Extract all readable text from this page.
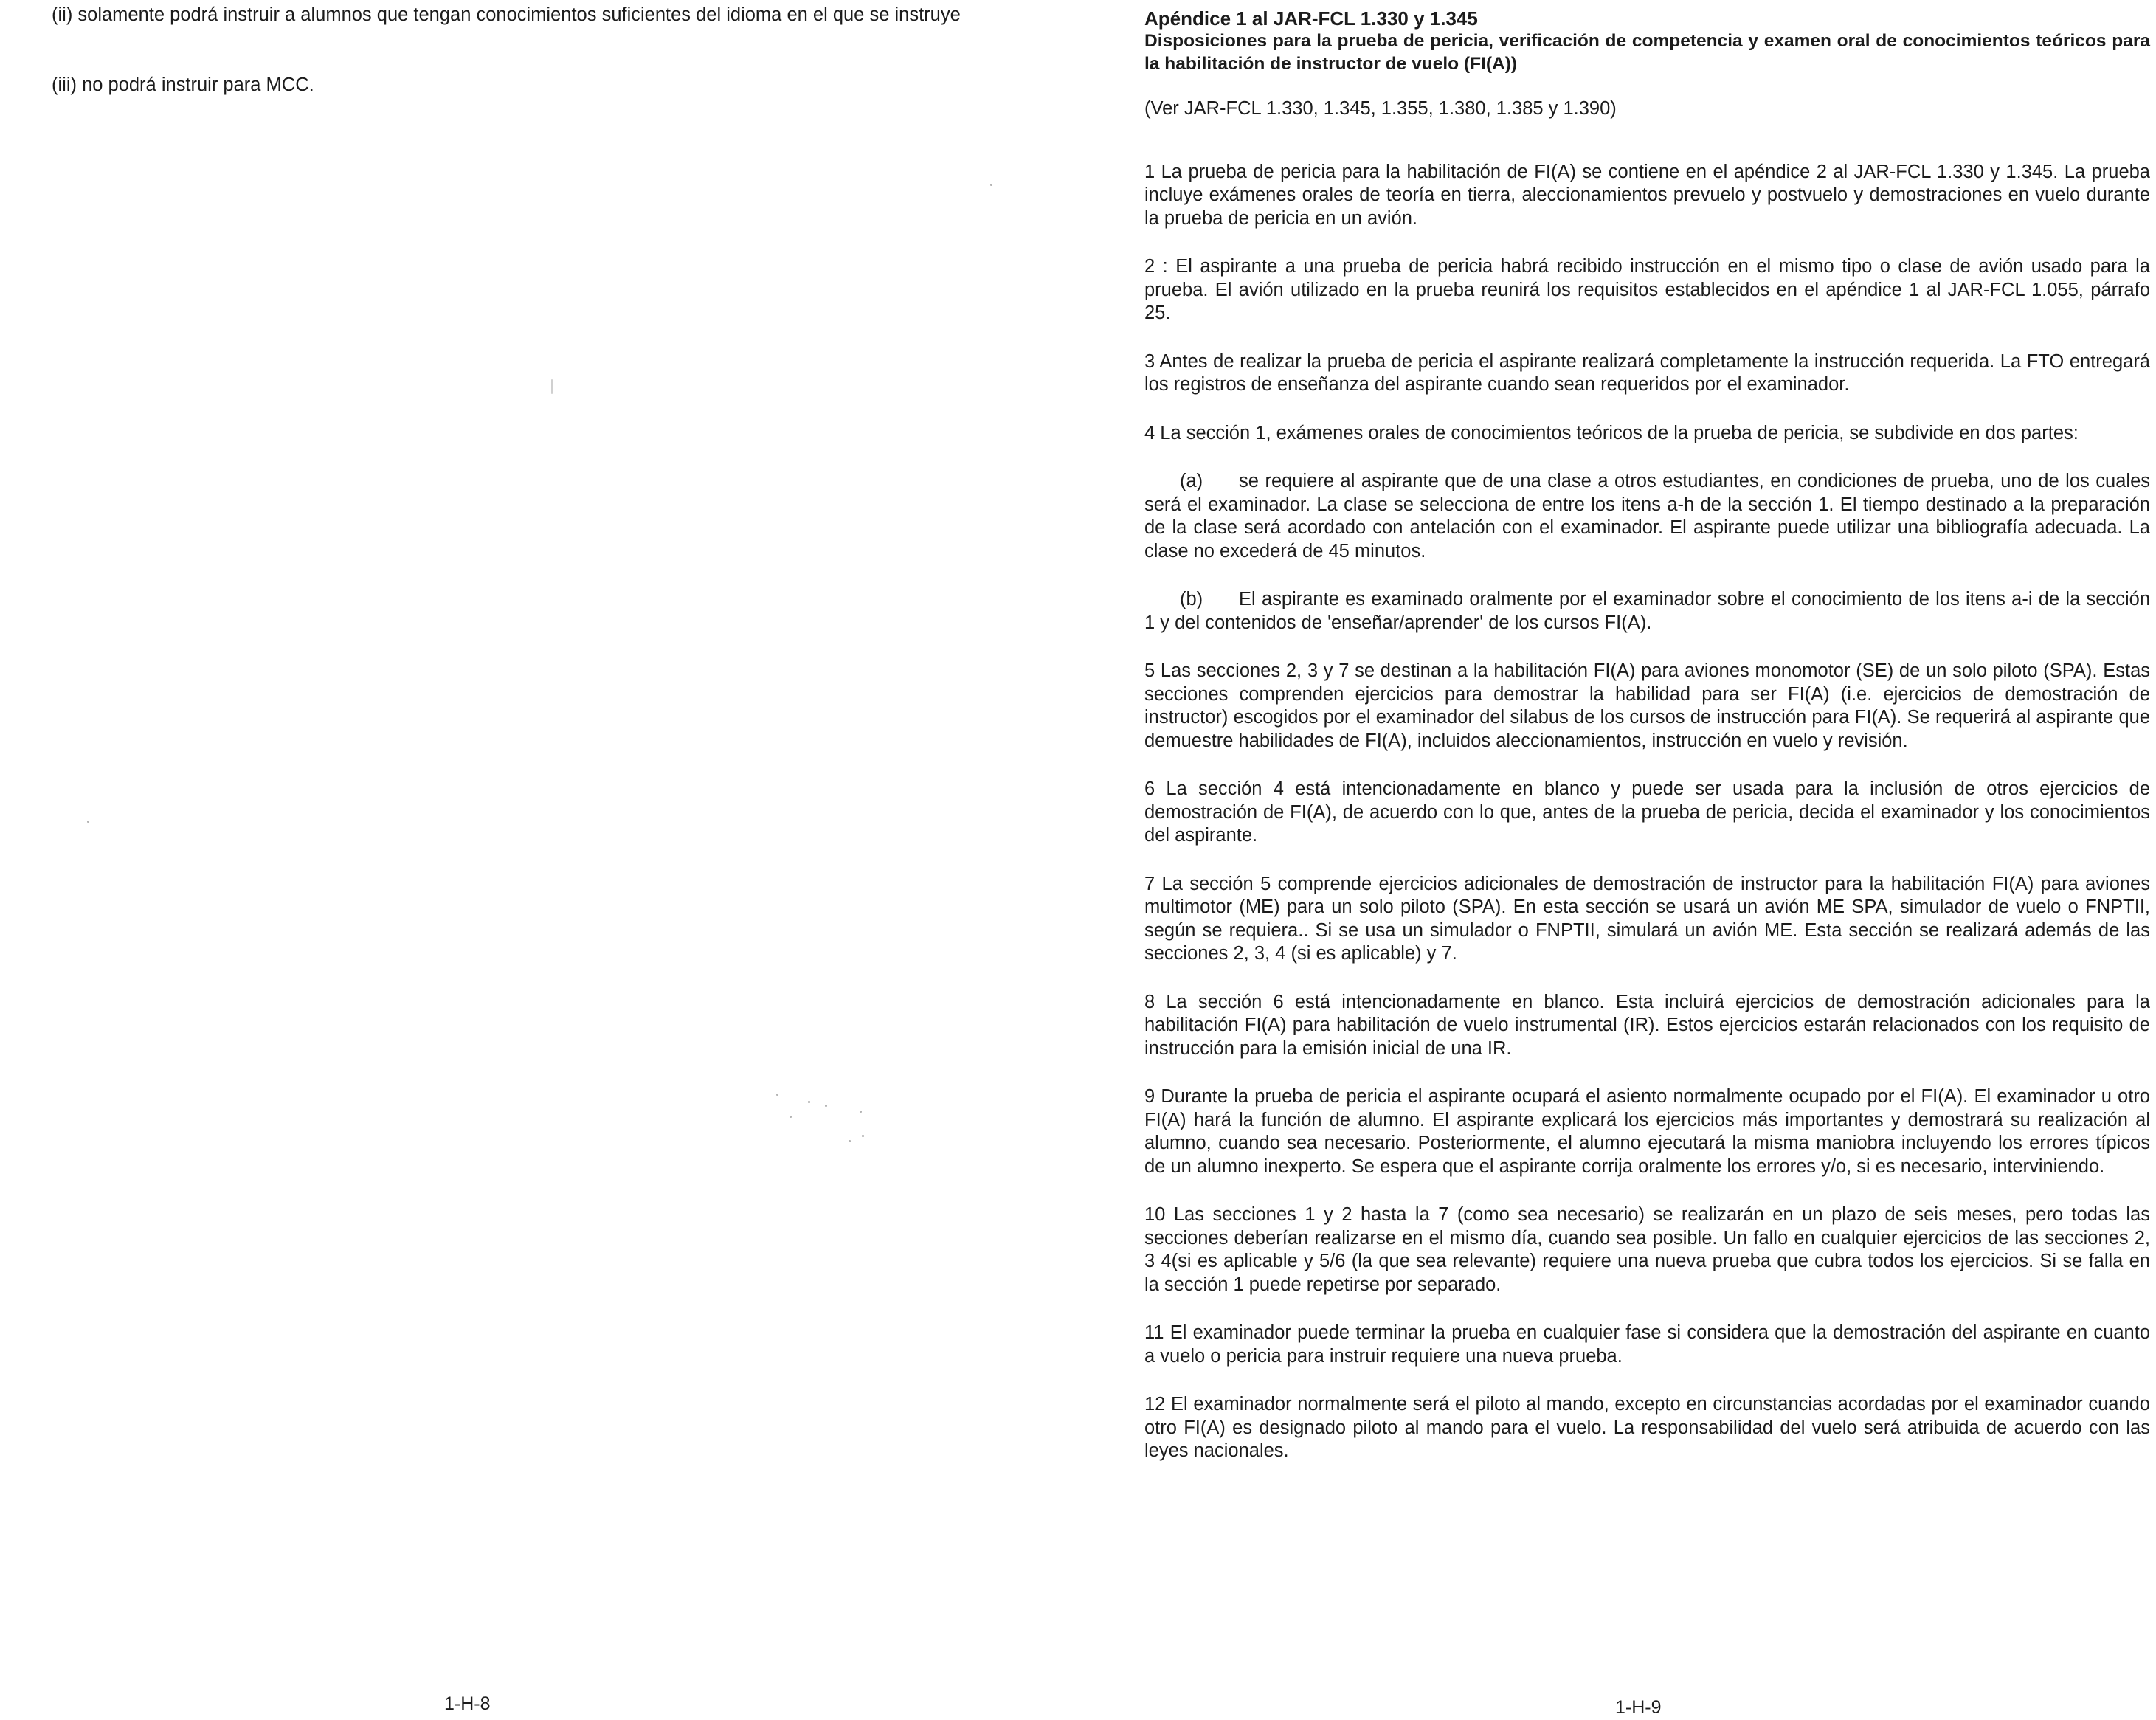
(ii) solamente podrá instruir a alumnos que tengan conocimientos suficientes del idioma en el que se instruye

(iii) no podrá instruir para MCC.

1-H-8

Apéndice 1 al JAR-FCL 1.330 y 1.345

Disposiciones para la prueba de pericia, verificación de competencia y examen oral de conocimientos teóricos para la habilitación de instructor de vuelo (FI(A))

(Ver JAR-FCL 1.330, 1.345, 1.355, 1.380, 1.385 y 1.390)

1 La prueba de pericia para la habilitación de FI(A) se contiene en el apéndice 2 al JAR-FCL 1.330 y 1.345. La prueba incluye exámenes orales de teoría en tierra, aleccionamientos prevuelo y postvuelo y demostraciones en vuelo durante la prueba de pericia en un avión.

2 : El aspirante a una prueba de pericia habrá recibido instrucción en el mismo tipo o clase de avión usado para la prueba. El avión utilizado en la prueba reunirá los requisitos establecidos en el apéndice 1 al JAR-FCL 1.055, párrafo 25.

3 Antes de realizar la prueba de pericia el aspirante realizará completamente la instrucción requerida. La FTO entregará los registros de enseñanza del aspirante cuando sean requeridos por el examinador.

4 La sección 1, exámenes orales de conocimientos teóricos de la prueba de pericia, se subdivide en dos partes:

(a) se requiere al aspirante que de una clase a otros estudiantes, en condiciones de prueba, uno de los cuales será el examinador. La clase se selecciona de entre los itens a-h de la sección 1. El tiempo destinado a la preparación de la clase será acordado con antelación con el examinador. El aspirante puede utilizar una bibliografía adecuada. La clase no excederá de 45 minutos.

(b) El aspirante es examinado oralmente por el examinador sobre el conocimiento de los itens a-i de la sección 1 y del contenidos de 'enseñar/aprender' de los cursos FI(A).

5 Las secciones 2, 3 y 7 se destinan a la habilitación FI(A) para aviones monomotor (SE) de un solo piloto (SPA). Estas secciones comprenden ejercicios para demostrar la habilidad para ser FI(A) (i.e. ejercicios de demostración de instructor) escogidos por el examinador del silabus de los cursos de instrucción para FI(A). Se requerirá al aspirante que demuestre habilidades de FI(A), incluidos aleccionamientos, instrucción en vuelo y revisión.

6 La sección 4 está intencionadamente en blanco y puede ser usada para la inclusión de otros ejercicios de demostración de FI(A), de acuerdo con lo que, antes de la prueba de pericia, decida el examinador y los conocimientos del aspirante.

7 La sección 5 comprende ejercicios adicionales de demostración de instructor para la habilitación FI(A) para aviones multimotor (ME) para un solo piloto (SPA). En esta sección se usará un avión ME SPA, simulador de vuelo o FNPTII, según se requiera.. Si se usa un simulador o FNPTII, simulará un avión ME. Esta sección se realizará además de las secciones 2, 3, 4 (si es aplicable) y 7.

8 La sección 6 está intencionadamente en blanco. Esta incluirá ejercicios de demostración adicionales para la habilitación FI(A) para habilitación de vuelo instrumental (IR). Estos ejercicios estarán relacionados con los requisito de instrucción para la emisión inicial de una IR.

9 Durante la prueba de pericia el aspirante ocupará el asiento normalmente ocupado por el FI(A). El examinador u otro FI(A) hará la función de alumno. El aspirante explicará los ejercicios más importantes y demostrará su realización al alumno, cuando sea necesario. Posteriormente, el alumno ejecutará la misma maniobra incluyendo los errores típicos de un alumno inexperto. Se espera que el aspirante corrija oralmente los errores y/o, si es necesario, interviniendo.

10 Las secciones 1 y 2 hasta la 7 (como sea necesario) se realizarán en un plazo de seis meses, pero todas las secciones deberían realizarse en el mismo día, cuando sea posible. Un fallo en cualquier ejercicios de las secciones 2, 3 4(si es aplicable y 5/6 (la que sea relevante) requiere una nueva prueba que cubra todos los ejercicios. Si se falla en la sección 1 puede repetirse por separado.

11 El examinador puede terminar la prueba en cualquier fase si considera que la demostración del aspirante en cuanto a vuelo o pericia para instruir requiere una nueva prueba.

12 El examinador normalmente será el piloto al mando, excepto en circunstancias acordadas por el examinador cuando otro FI(A) es designado piloto al mando para el vuelo. La responsabilidad del vuelo será atribuida de acuerdo con las leyes nacionales.

1-H-9
